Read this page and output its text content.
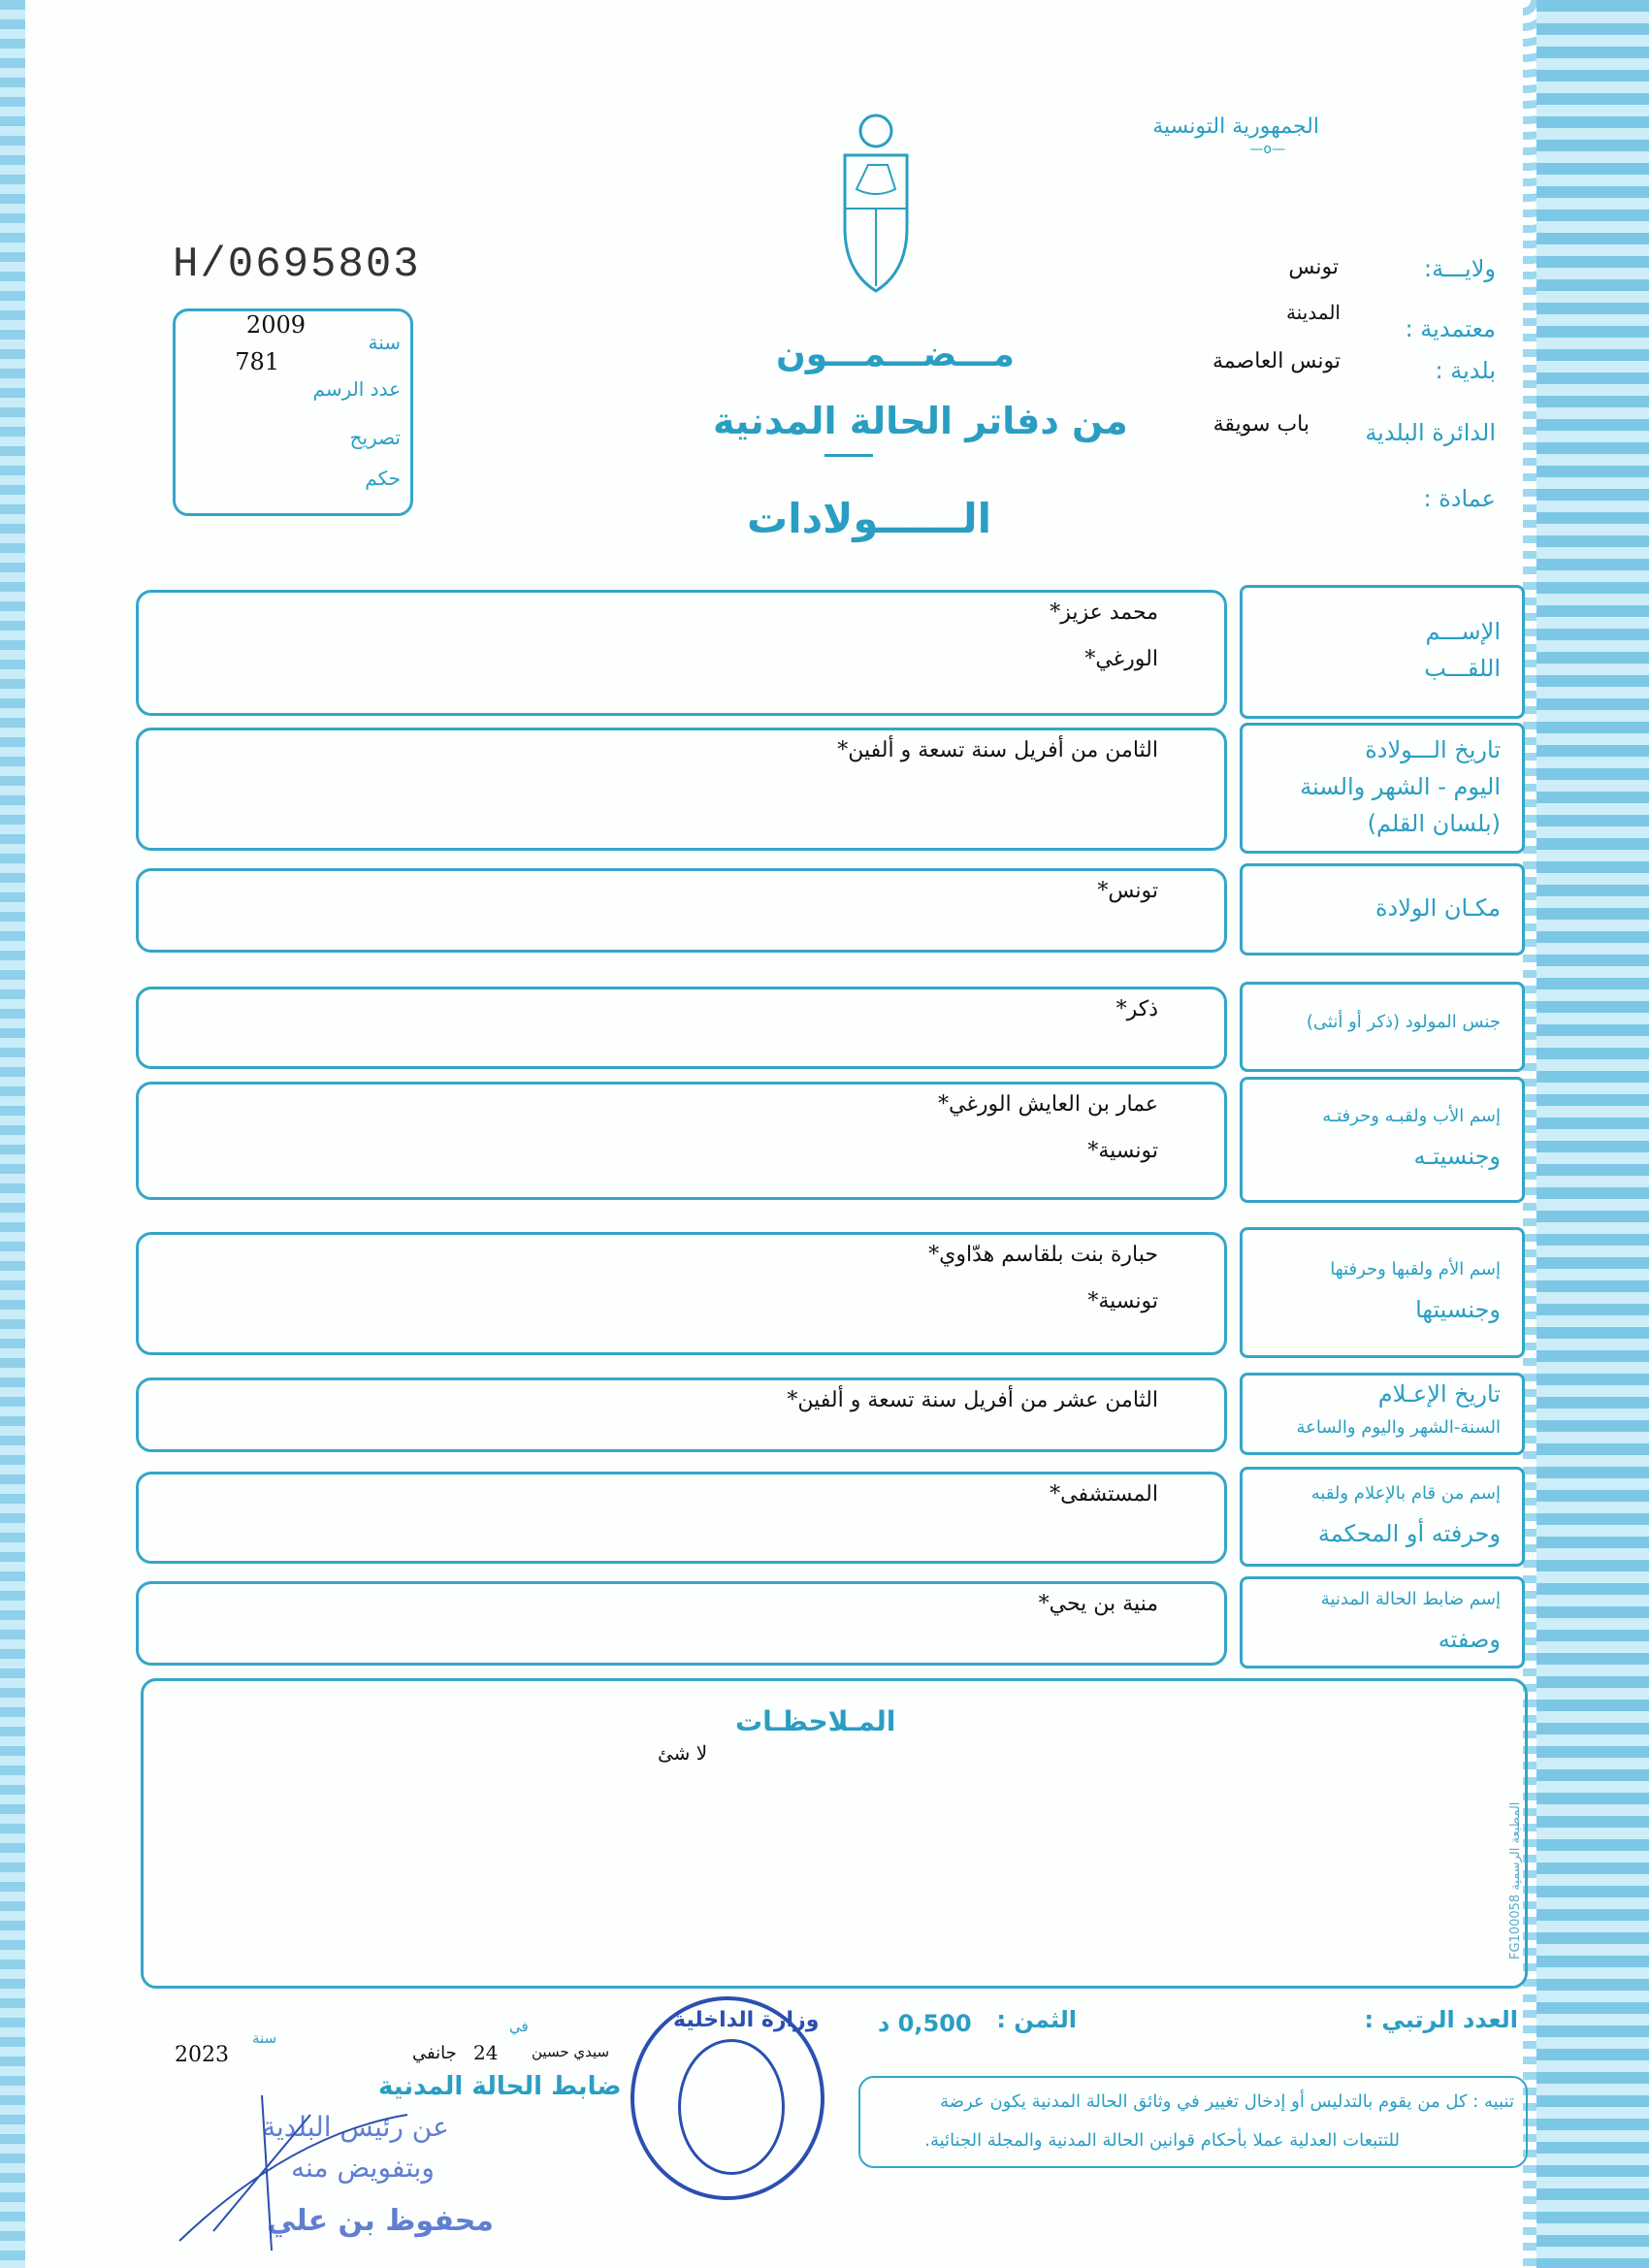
الجمهورية التونسية
—o—
H/0695803	ولايـــة:
تونس
معتمدية :
المدينة
بلدية :
تونس العاصمة
الدائرة البلدية
باب سويقة
عمادة :
مـــضـــمـــون
من دفاتر الحالة المدنية
الــــــولادات
سنة
2009
عدد الرسم
781
تصريح
حكم
الإســـم
اللقـــب
محمد عزيز*
الورغي*
تاريخ الـــولادة
اليوم - الشهر والسنة
(بلسان القلم)
الثامن من أفريل سنة تسعة و ألفين*
مكـان الولادة
تونس*
جنس المولود (ذكر أو أنثى)
ذكر*
إسم الأب ولقبـه وحرفتـه
وجنسيتـه
عمار بن العايش الورغي*
تونسية*
إسم الأم ولقبها وحرفتها
وجنسيتها
حبارة بنت بلقاسم هدّاوي*
تونسية*
تاريخ الإعـلام
السنة-الشهر واليوم والساعة
الثامن عشر من أفريل سنة تسعة و ألفين*
إسم من قام بالإعلام ولقبه
وحرفته أو المحكمة
المستشفى*
إسم ضابط الحالة المدنية
وصفته
منية بن يحي*
المـلاحظـات
لا شئ
المطبعة الرسمية FG100058
العدد الرتبي :
الثمن :
0,500 د
سنة
2023
في
جانفي 24 سيدي حسين
ضابط الحالة المدنية
عن رئيس البلدية
وبتفويض منه
محفوظ بن علي
وزارة الداخلية
تنبيه : كل من يقوم بالتدليس أو إدخال تغيير في وثائق الحالة المدنية يكون عرضة
للتتبعات العدلية عملا بأحكام قوانين الحالة المدنية والمجلة الجنائية.
